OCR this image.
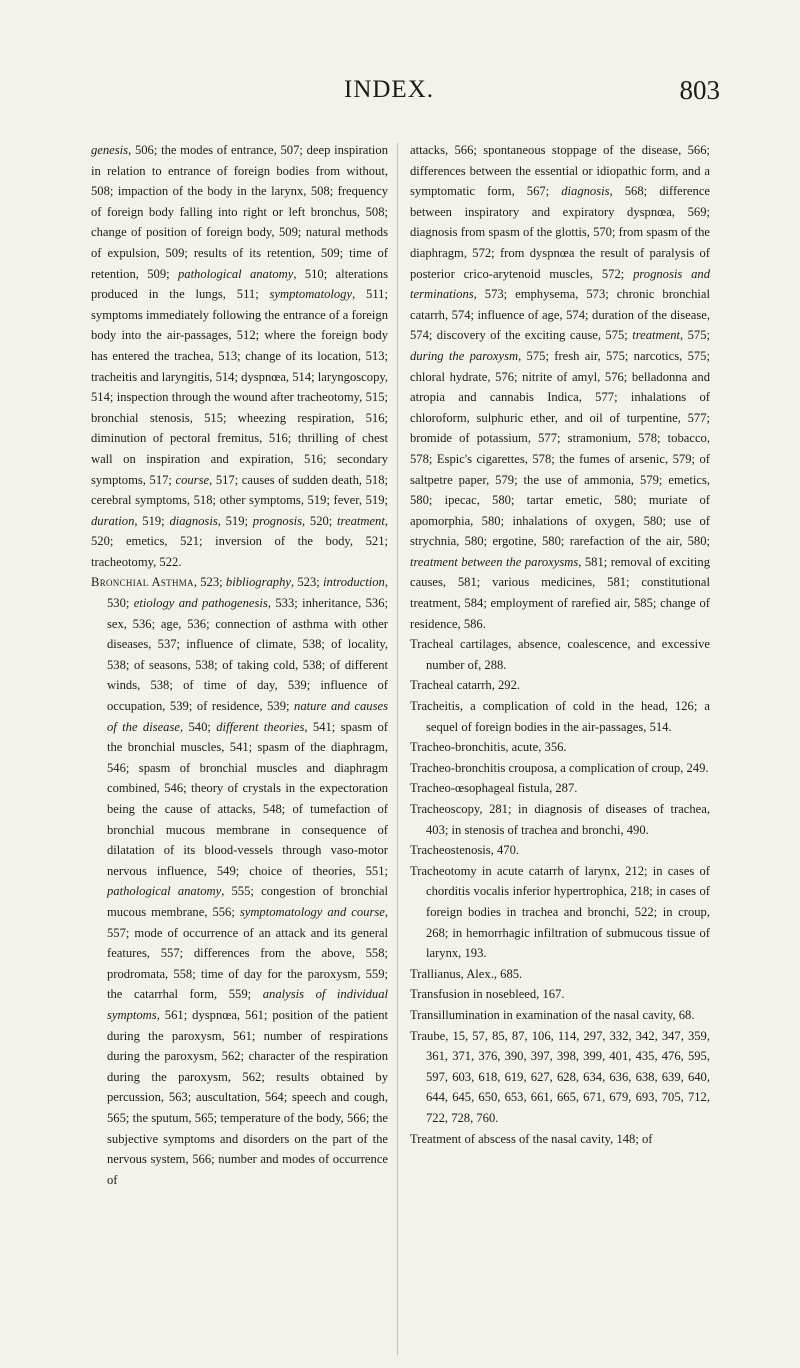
INDEX.	803

genesis, 506; the modes of entrance, 507; deep inspiration in relation to entrance of foreign bodies from without, 508; impaction of the body in the larynx, 508; frequency of foreign body falling into right or left bronchus, 508; change of position of foreign body, 509; natural methods of expulsion, 509; results of its retention, 509; time of retention, 509; pathological anatomy, 510; alterations produced in the lungs, 511; symptomatology, 511; symptoms immediately following the entrance of a foreign body into the air-passages, 512; where the foreign body has entered the trachea, 513; change of its location, 513; tracheitis and laryngitis, 514; dyspnœa, 514; laryngoscopy, 514; inspection through the wound after tracheotomy, 515; bronchial stenosis, 515; wheezing respiration, 516; diminution of pectoral fremitus, 516; thrilling of chest wall on inspiration and expiration, 516; secondary symptoms, 517; course, 517; causes of sudden death, 518; cerebral symptoms, 518; other symptoms, 519; fever, 519; duration, 519; diagnosis, 519; prognosis, 520; treatment, 520; emetics, 521; inversion of the body, 521; tracheotomy, 522.

Bronchial Asthma, 523; bibliography, 523; introduction, 530; etiology and pathogenesis, 533; inheritance, 536; sex, 536; age, 536; connection of asthma with other diseases, 537; influence of climate, 538; of locality, 538; of seasons, 538; of taking cold, 538; of different winds, 538; of time of day, 539; influence of occupation, 539; of residence, 539; nature and causes of the disease, 540; different theories, 541; spasm of the bronchial muscles, 541; spasm of the diaphragm, 546; spasm of bronchial muscles and diaphragm combined, 546; theory of crystals in the expectoration being the cause of attacks, 548; of tumefaction of bronchial mucous membrane in consequence of dilatation of its blood-vessels through vaso-motor nervous influence, 549; choice of theories, 551; pathological anatomy, 555; congestion of bronchial mucous membrane, 556; symptomatology and course, 557; mode of occurrence of an attack and its general features, 557; differences from the above, 558; prodromata, 558; time of day for the paroxysm, 559; the catarrhal form, 559; analysis of individual symptoms, 561; dyspnœa, 561; position of the patient during the paroxysm, 561; number of respirations during the paroxysm, 562; character of the respiration during the paroxysm, 562; results obtained by percussion, 563; auscultation, 564; speech and cough, 565; the sputum, 565; temperature of the body, 566; the subjective symptoms and disorders on the part of the nervous system, 566; number and modes of occurrence of

attacks, 566; spontaneous stoppage of the disease, 566; differences between the essential or idiopathic form, and a symptomatic form, 567; diagnosis, 568; difference between inspiratory and expiratory dyspnœa, 569; diagnosis from spasm of the glottis, 570; from spasm of the diaphragm, 572; from dyspnœa the result of paralysis of posterior crico-arytenoid muscles, 572; prognosis and terminations, 573; emphysema, 573; chronic bronchial catarrh, 574; influence of age, 574; duration of the disease, 574; discovery of the exciting cause, 575; treatment, 575; during the paroxysm, 575; fresh air, 575; narcotics, 575; chloral hydrate, 576; nitrite of amyl, 576; belladonna and atropia and cannabis Indica, 577; inhalations of chloroform, sulphuric ether, and oil of turpentine, 577; bromide of potassium, 577; stramonium, 578; tobacco, 578; Espic's cigarettes, 578; the fumes of arsenic, 579; of saltpetre paper, 579; the use of ammonia, 579; emetics, 580; ipecac, 580; tartar emetic, 580; muriate of apomorphia, 580; inhalations of oxygen, 580; use of strychnia, 580; ergotine, 580; rarefaction of the air, 580; treatment between the paroxysms, 581; removal of exciting causes, 581; various medicines, 581; constitutional treatment, 584; employment of rarefied air, 585; change of residence, 586.

Tracheal cartilages, absence, coalescence, and excessive number of, 288.

Tracheal catarrh, 292.

Tracheitis, a complication of cold in the head, 126; a sequel of foreign bodies in the air-passages, 514.

Tracheo-bronchitis, acute, 356.

Tracheo-bronchitis crouposa, a complication of croup, 249.

Tracheo-œsophageal fistula, 287.

Tracheoscopy, 281; in diagnosis of diseases of trachea, 403; in stenosis of trachea and bronchi, 490.

Tracheostenosis, 470.

Tracheotomy in acute catarrh of larynx, 212; in cases of chorditis vocalis inferior hypertrophica, 218; in cases of foreign bodies in trachea and bronchi, 522; in croup, 268; in hemorrhagic infiltration of submucous tissue of larynx, 193.

Trallianus, Alex., 685.

Transfusion in nosebleed, 167.

Transillumination in examination of the nasal cavity, 68.

Traube, 15, 57, 85, 87, 106, 114, 297, 332, 342, 347, 359, 361, 371, 376, 390, 397, 398, 399, 401, 435, 476, 595, 597, 603, 618, 619, 627, 628, 634, 636, 638, 639, 640, 644, 645, 650, 653, 661, 665, 671, 679, 693, 705, 712, 722, 728, 760.

Treatment of abscess of the nasal cavity, 148; of
